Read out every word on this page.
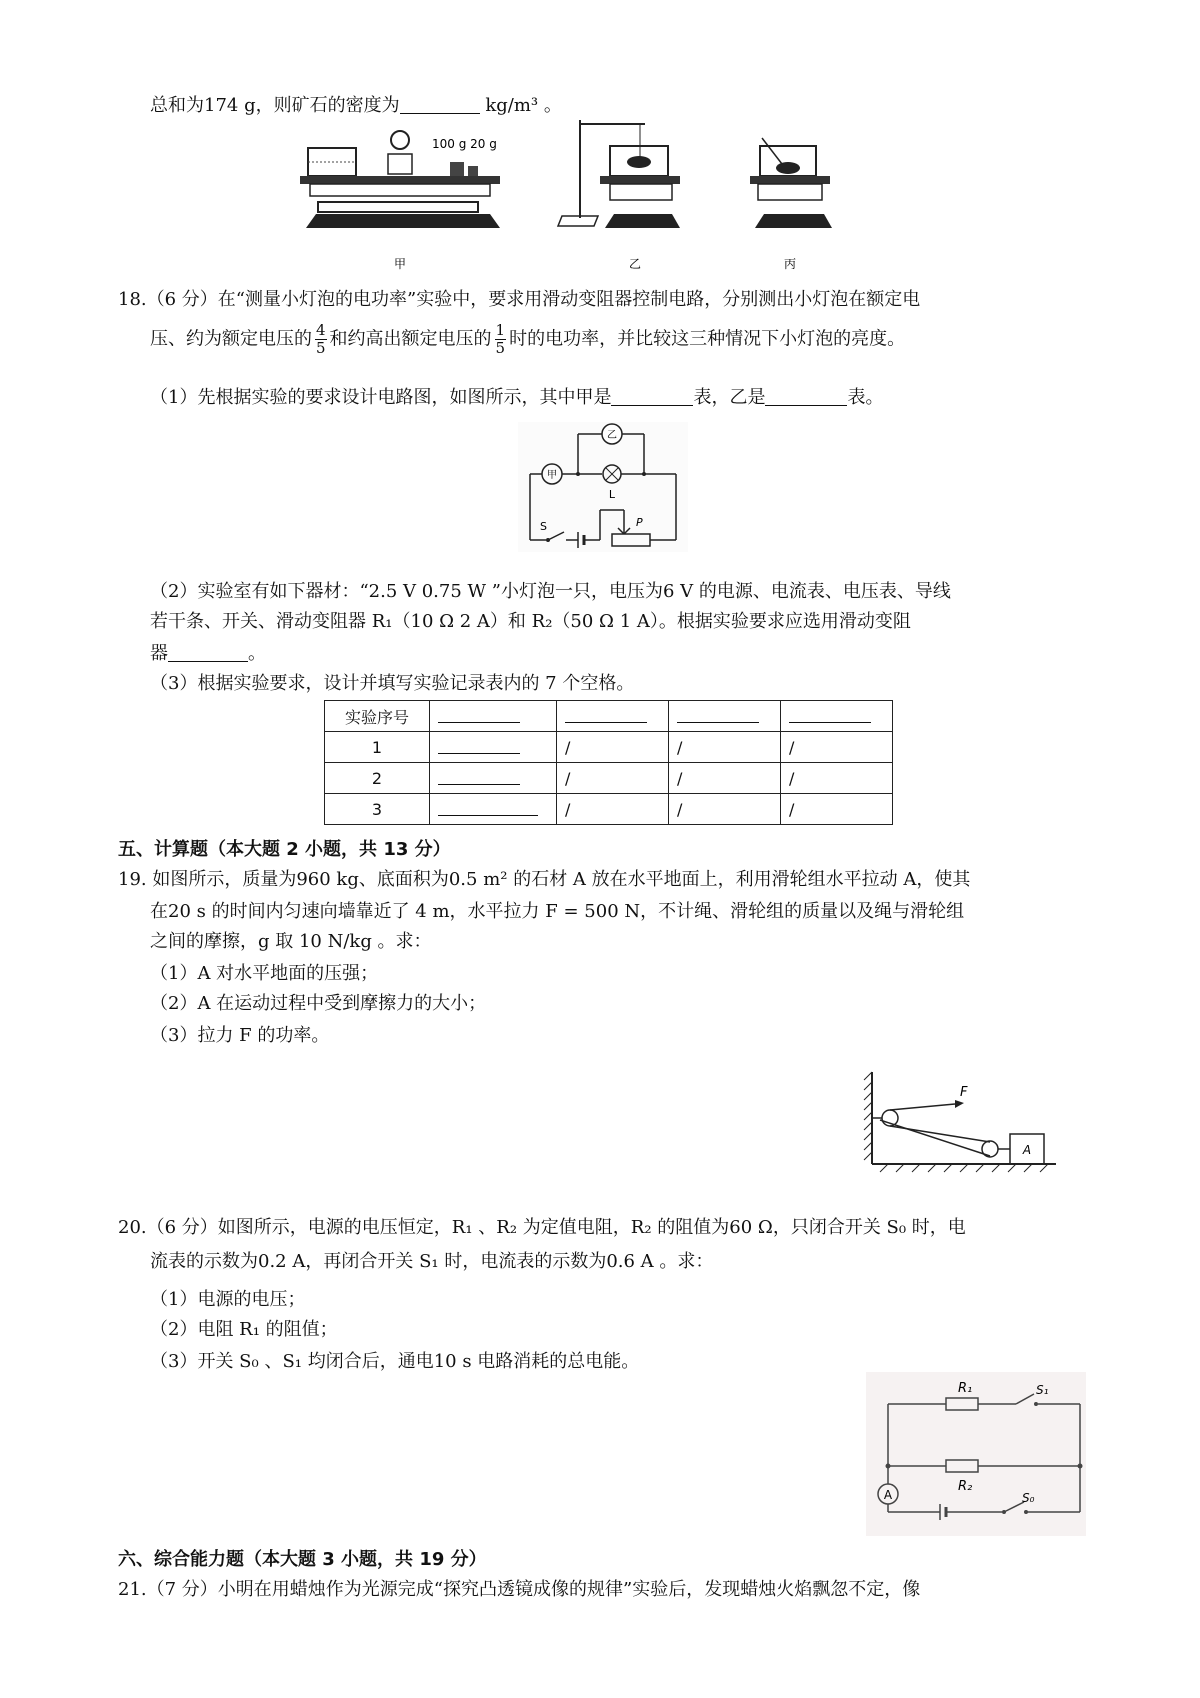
总和为174 g，则矿石的密度为	kg/m³ 。
100 g 20 g
甲	乙	丙
18.（6 分）在“测量小灯泡的电功率”实验中，要求用滑动变阻器控制电路，分别测出小灯泡在额定电
压、约为额定电压的 $\frac{4}{5}$ 和约高出额定电压的 $\frac{1}{5}$ 时的电功率，并比较这三种情况下小灯泡的亮度。
（1）先根据实验的要求设计电路图，如图所示，其中甲是	表，乙是	表。
甲
L
乙
S	P
（2）实验室有如下器材：“2.5 V 0.75 W ”小灯泡一只，电压为6 V 的电源、电流表、电压表、导线
若干条、开关、滑动变阻器 R₁（10 Ω 2 A）和 R₂（50 Ω 1 A）。根据实验要求应选用滑动变阻
器	。
（3）根据实验要求，设计并填写实验记录表内的 7 个空格。
实验序号				
1		/	/	/
2		/	/	/
3		/	/	/
五、计算题（本大题 2 小题，共 13 分）
19. 如图所示，质量为960 kg、底面积为0.5 m² 的石材 A 放在水平地面上，利用滑轮组水平拉动 A，使其
在20 s 的时间内匀速向墙靠近了 4 m，水平拉力 F = 500 N，不计绳、滑轮组的质量以及绳与滑轮组
之间的摩擦，g 取 10 N/kg 。求：
（1）A 对水平地面的压强；
（2）A 在运动过程中受到摩擦力的大小；
（3）拉力 F 的功率。
F
A
20.（6 分）如图所示，电源的电压恒定，R₁ 、R₂ 为定值电阻，R₂ 的阻值为60 Ω，只闭合开关 S₀ 时，电
流表的示数为0.2 A，再闭合开关 S₁ 时，电流表的示数为0.6 A 。求：
（1）电源的电压；
（2）电阻 R₁ 的阻值；
（3）开关 S₀ 、S₁ 均闭合后，通电10 s 电路消耗的总电能。
R₁	S₁
R₂
A	S₀
六、综合能力题（本大题 3 小题，共 19 分）
21.（7 分）小明在用蜡烛作为光源完成“探究凸透镜成像的规律”实验后，发现蜡烛火焰飘忽不定，像
